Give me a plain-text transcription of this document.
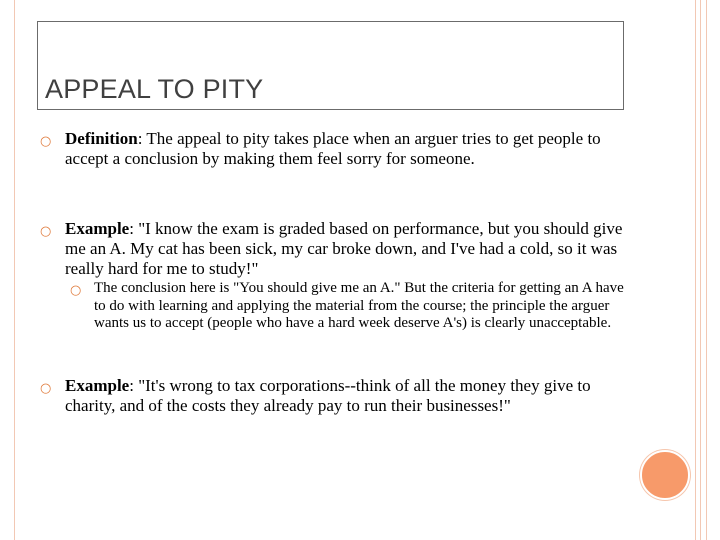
APPEAL TO PITY
○ Definition: The appeal to pity takes place when an arguer tries to get people to accept a conclusion by making them feel sorry for someone.
○ Example: "I know the exam is graded based on performance, but you should give me an A. My cat has been sick, my car broke down, and I've had a cold, so it was really hard for me to study!"
○ The conclusion here is "You should give me an A." But the criteria for getting an A have to do with learning and applying the material from the course; the principle the arguer wants us to accept (people who have a hard week deserve A's) is clearly unacceptable.
○ Example: "It's wrong to tax corporations--think of all the money they give to charity, and of the costs they already pay to run their businesses!"
